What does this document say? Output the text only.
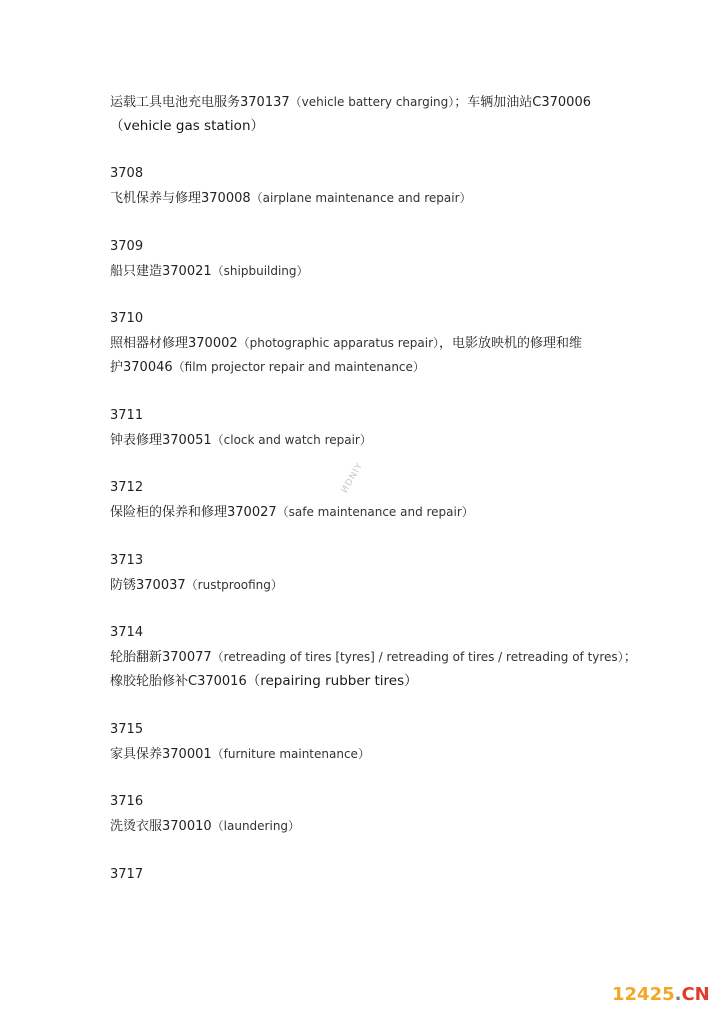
运载工具电池充电服务370137（vehicle battery charging）；车辆加油站C370006
（vehicle gas station）
3708
飞机保养与修理370008（airplane maintenance and repair）
3709
船只建造370021（shipbuilding）
3710
照相器材修理370002（photographic apparatus repair），电影放映机的修理和维
护370046（film projector repair and maintenance）
3711
钟表修理370051（clock and watch repair）
3712
保险柜的保养和修理370027（safe maintenance and repair）
3713
防锈370037（rustproofing）
3714
轮胎翻新370077（retreading of tires [tyres] / retreading of tires / retreading of tyres）；
橡胶轮胎修补C370016（repairing rubber tires）
3715
家具保养370001（furniture maintenance）
3716
洗烫衣服370010（laundering）
3717
ИDNIY
12425.CN
